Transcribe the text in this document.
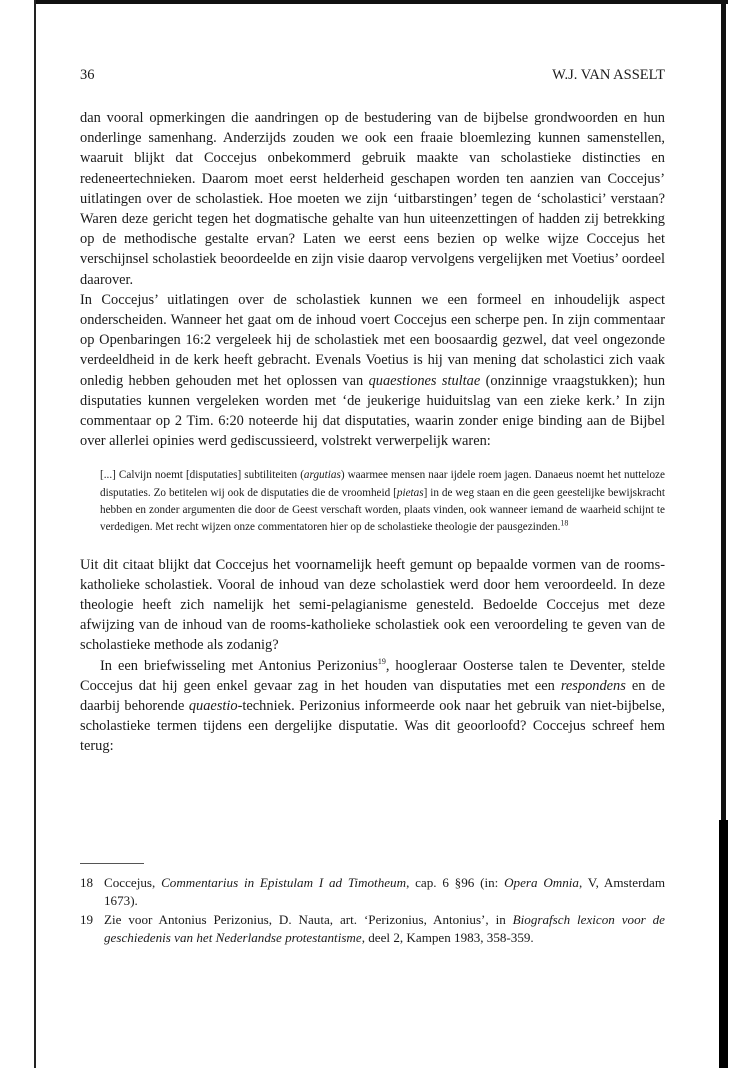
36	W.J. VAN ASSELT

dan vooral opmerkingen die aandringen op de bestudering van de bijbelse grondwoorden en hun onderlinge samenhang. Anderzijds zouden we ook een fraaie bloemlezing kunnen samenstellen, waaruit blijkt dat Coccejus onbekommerd gebruik maakte van scholastieke distincties en redeneertechnieken. Daarom moet eerst helderheid geschapen worden ten aanzien van Coccejus’ uitlatingen over de scholastiek. Hoe moeten we zijn ‘uitbarstingen’ tegen de ‘scholastici’ verstaan? Waren deze gericht tegen het dogmatische gehalte van hun uiteenzettingen of hadden zij betrekking op de methodische gestalte ervan? Laten we eerst eens bezien op welke wijze Coccejus het verschijnsel scholastiek beoordeelde en zijn visie daarop vervolgens vergelijken met Voetius’ oordeel daarover.

In Coccejus’ uitlatingen over de scholastiek kunnen we een formeel en inhoudelijk aspect onderscheiden. Wanneer het gaat om de inhoud voert Coccejus een scherpe pen. In zijn commentaar op Openbaringen 16:2 vergeleek hij de scholastiek met een boosaardig gezwel, dat veel ongezonde verdeeldheid in de kerk heeft gebracht. Evenals Voetius is hij van mening dat scholastici zich vaak onledig hebben gehouden met het oplossen van quaestiones stultae (onzinnige vraagstukken); hun disputaties kunnen vergeleken worden met ‘de jeukerige huiduitslag van een zieke kerk.’ In zijn commentaar op 2 Tim. 6:20 noteerde hij dat disputaties, waarin zonder enige binding aan de Bijbel over allerlei opinies werd gediscussieerd, volstrekt verwerpelijk waren:

[...] Calvijn noemt [disputaties] subtiliteiten (argutias) waarmee mensen naar ijdele roem jagen. Danaeus noemt het nutteloze disputaties. Zo betitelen wij ook de disputaties die de vroomheid [pietas] in de weg staan en die geen geestelijke bewijskracht hebben en zonder argumenten die door de Geest verschaft worden, plaats vinden, ook wanneer iemand de waarheid schijnt te verdedigen. Met recht wijzen onze commentatoren hier op de scholastieke theologie der pausgezinden.$^{18}$

Uit dit citaat blijkt dat Coccejus het voornamelijk heeft gemunt op bepaalde vormen van de rooms-katholieke scholastiek. Vooral de inhoud van deze scholastiek werd door hem veroordeeld. In deze theologie heeft zich namelijk het semi-pelagianisme genesteld. Bedoelde Coccejus met deze afwijzing van de inhoud van de rooms-katholieke scholastiek ook een veroordeling te geven van de scholastieke methode als zodanig?

In een briefwisseling met Antonius Perizonius$^{19}$, hoogleraar Oosterse talen te Deventer, stelde Coccejus dat hij geen enkel gevaar zag in het houden van disputaties met een respondens en de daarbij behorende quaestio-techniek. Perizonius informeerde ook naar het gebruik van niet-bijbelse, scholastieke termen tijdens een dergelijke disputatie. Was dit geoorloofd? Coccejus schreef hem terug:

18 Coccejus, Commentarius in Epistulam I ad Timotheum, cap. 6 §96 (in: Opera Omnia, V, Amsterdam 1673).
19 Zie voor Antonius Perizonius, D. Nauta, art. ‘Perizonius, Antonius’, in Biografsch lexicon voor de geschiedenis van het Nederlandse protestantisme, deel 2, Kampen 1983, 358-359.
